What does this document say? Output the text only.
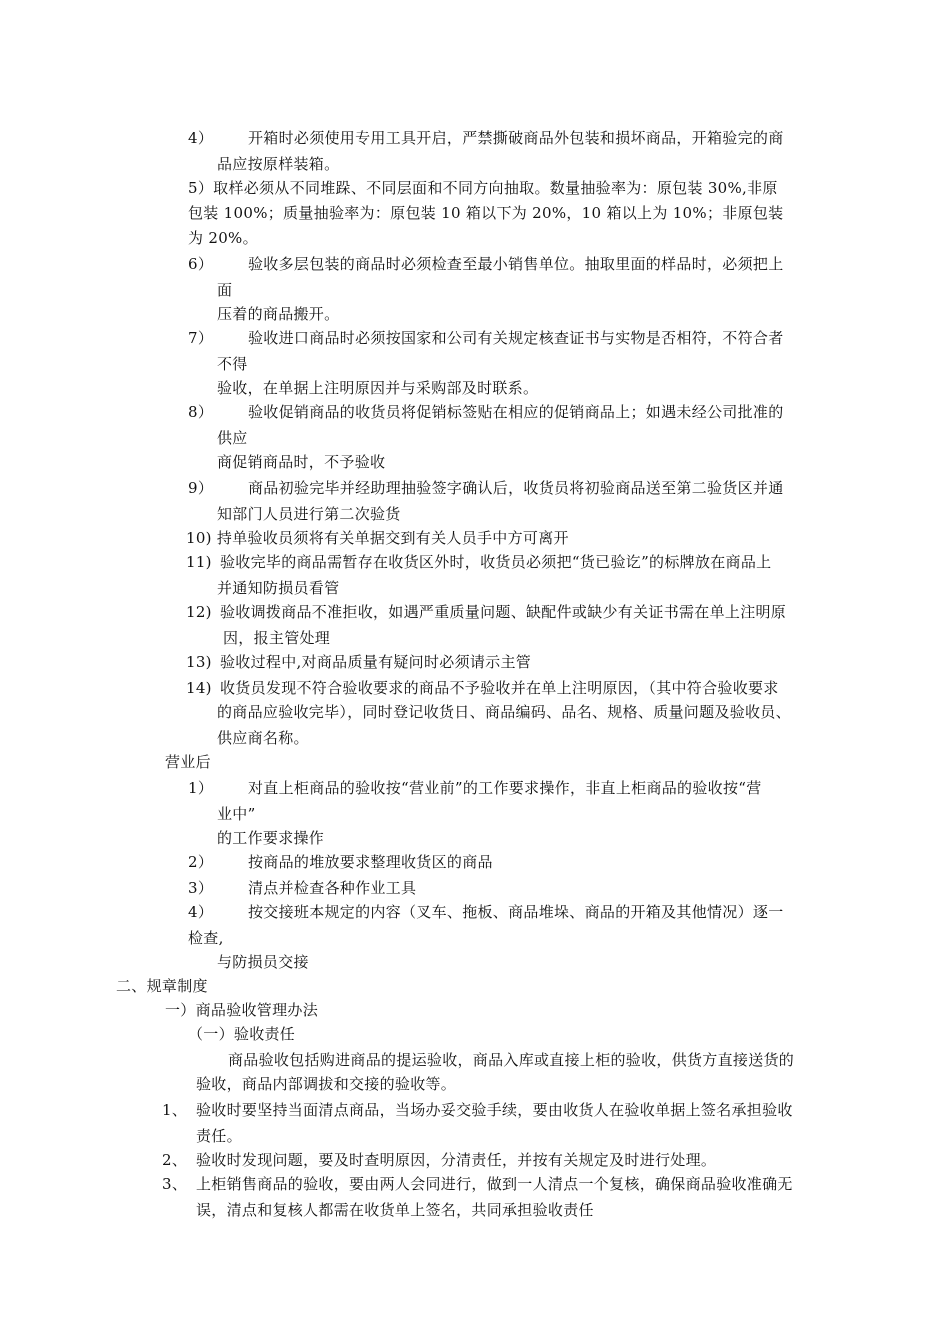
4） 开箱时必须使用专用工具开启，严禁撕破商品外包装和损坏商品，开箱验完的商
品应按原样装箱。
5）取样必须从不同堆跺、不同层面和不同方向抽取。数量抽验率为：原包装 30%,非原
包装 100%；质量抽验率为：原包装 10 箱以下为 20%，10 箱以上为 10%；非原包装
为 20%。
6） 验收多层包装的商品时必须检查至最小销售单位。抽取里面的样品时，必须把上
面
压着的商品搬开。
7） 验收进口商品时必须按国家和公司有关规定核查证书与实物是否相符，不符合者
不得
验收，在单据上注明原因并与采购部及时联系。
8） 验收促销商品的收货员将促销标签贴在相应的促销商品上；如遇未经公司批准的
供应
商促销商品时，不予验收
9） 商品初验完毕并经助理抽验签字确认后，收货员将初验商品送至第二验货区并通
知部门人员进行第二次验货
10) 持单验收员须将有关单据交到有关人员手中方可离开
11) 验收完毕的商品需暂存在收货区外时，收货员必须把“货已验讫”的标牌放在商品上
并通知防损员看管
12) 验收调拨商品不准拒收，如遇严重质量问题、缺配件或缺少有关证书需在单上注明原
因，报主管处理
13) 验收过程中,对商品质量有疑问时必须请示主管
14) 收货员发现不符合验收要求的商品不予验收并在单上注明原因，（其中符合验收要求
的商品应验收完毕），同时登记收货日、商品编码、品名、规格、质量问题及验收员、
供应商名称。
营业后
1） 对直上柜商品的验收按“营业前”的工作要求操作，非直上柜商品的验收按“营
业中”
的工作要求操作
2） 按商品的堆放要求整理收货区的商品
3） 清点并检查各种作业工具
4） 按交接班本规定的内容（叉车、拖板、商品堆垛、商品的开箱及其他情况）逐一
检查,
与防损员交接
二、规章制度
一）商品验收管理办法
（一）验收责任
商品验收包括购进商品的提运验收，商品入库或直接上柜的验收，供货方直接送货的
验收，商品内部调拔和交接的验收等。
1、 验收时要坚持当面清点商品，当场办妥交验手续，要由收货人在验收单据上签名承担验收
责任。
2、 验收时发现问题，要及时查明原因，分清责任，并按有关规定及时进行处理。
3、 上柜销售商品的验收，要由两人会同进行，做到一人清点一个复核，确保商品验收准确无
误，清点和复核人都需在收货单上签名，共同承担验收责任
